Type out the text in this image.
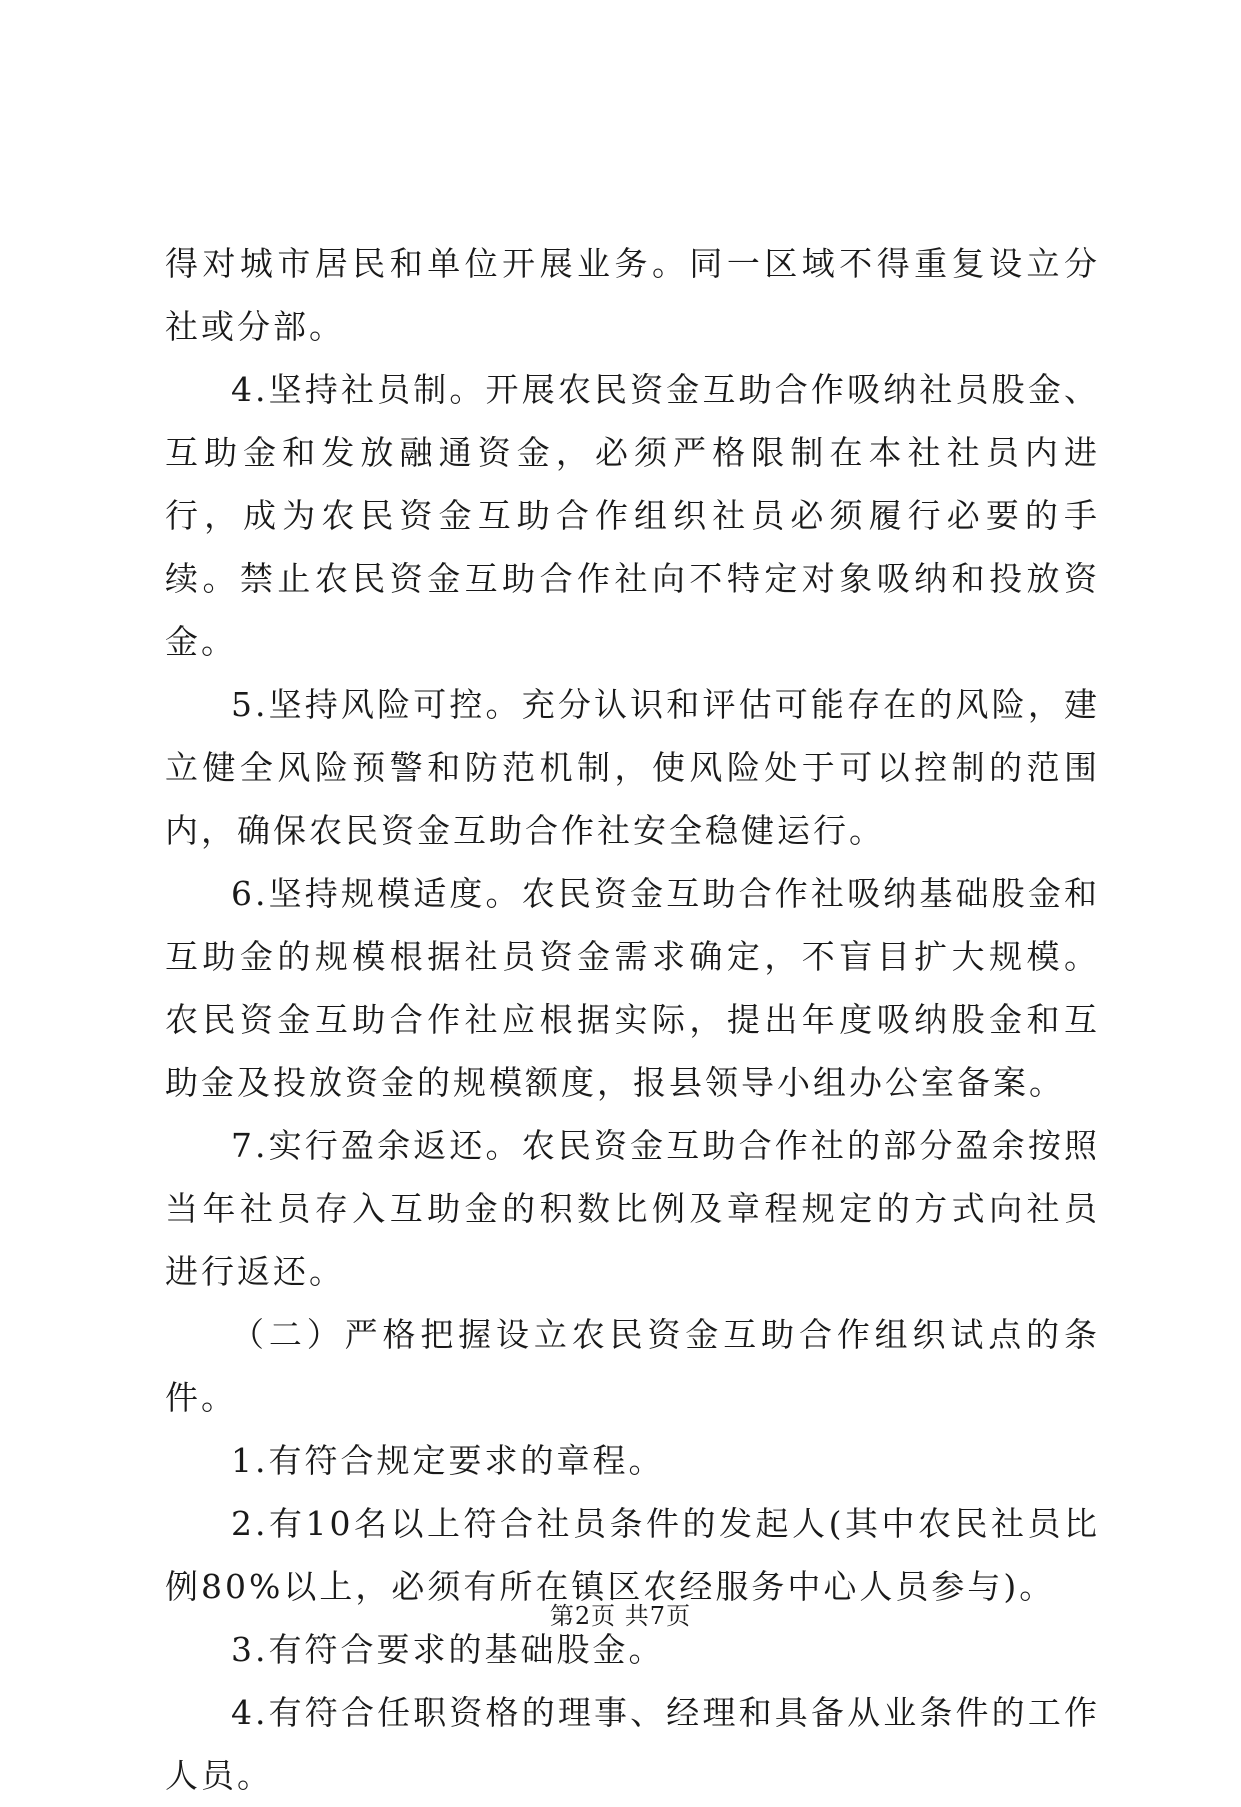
得对城市居民和单位开展业务。同一区域不得重复设立分社或分部。

4.坚持社员制。开展农民资金互助合作吸纳社员股金、互助金和发放融通资金，必须严格限制在本社社员内进行，成为农民资金互助合作组织社员必须履行必要的手续。禁止农民资金互助合作社向不特定对象吸纳和投放资金。

5.坚持风险可控。充分认识和评估可能存在的风险，建立健全风险预警和防范机制，使风险处于可以控制的范围内，确保农民资金互助合作社安全稳健运行。

6.坚持规模适度。农民资金互助合作社吸纳基础股金和互助金的规模根据社员资金需求确定，不盲目扩大规模。农民资金互助合作社应根据实际，提出年度吸纳股金和互助金及投放资金的规模额度，报县领导小组办公室备案。

7.实行盈余返还。农民资金互助合作社的部分盈余按照当年社员存入互助金的积数比例及章程规定的方式向社员进行返还。

（二）严格把握设立农民资金互助合作组织试点的条件。

1.有符合规定要求的章程。

2.有10名以上符合社员条件的发起人(其中农民社员比例80%以上，必须有所在镇区农经服务中心人员参与)。

3.有符合要求的基础股金。

4.有符合任职资格的理事、经理和具备从业条件的工作人员。

第2页 共7页
